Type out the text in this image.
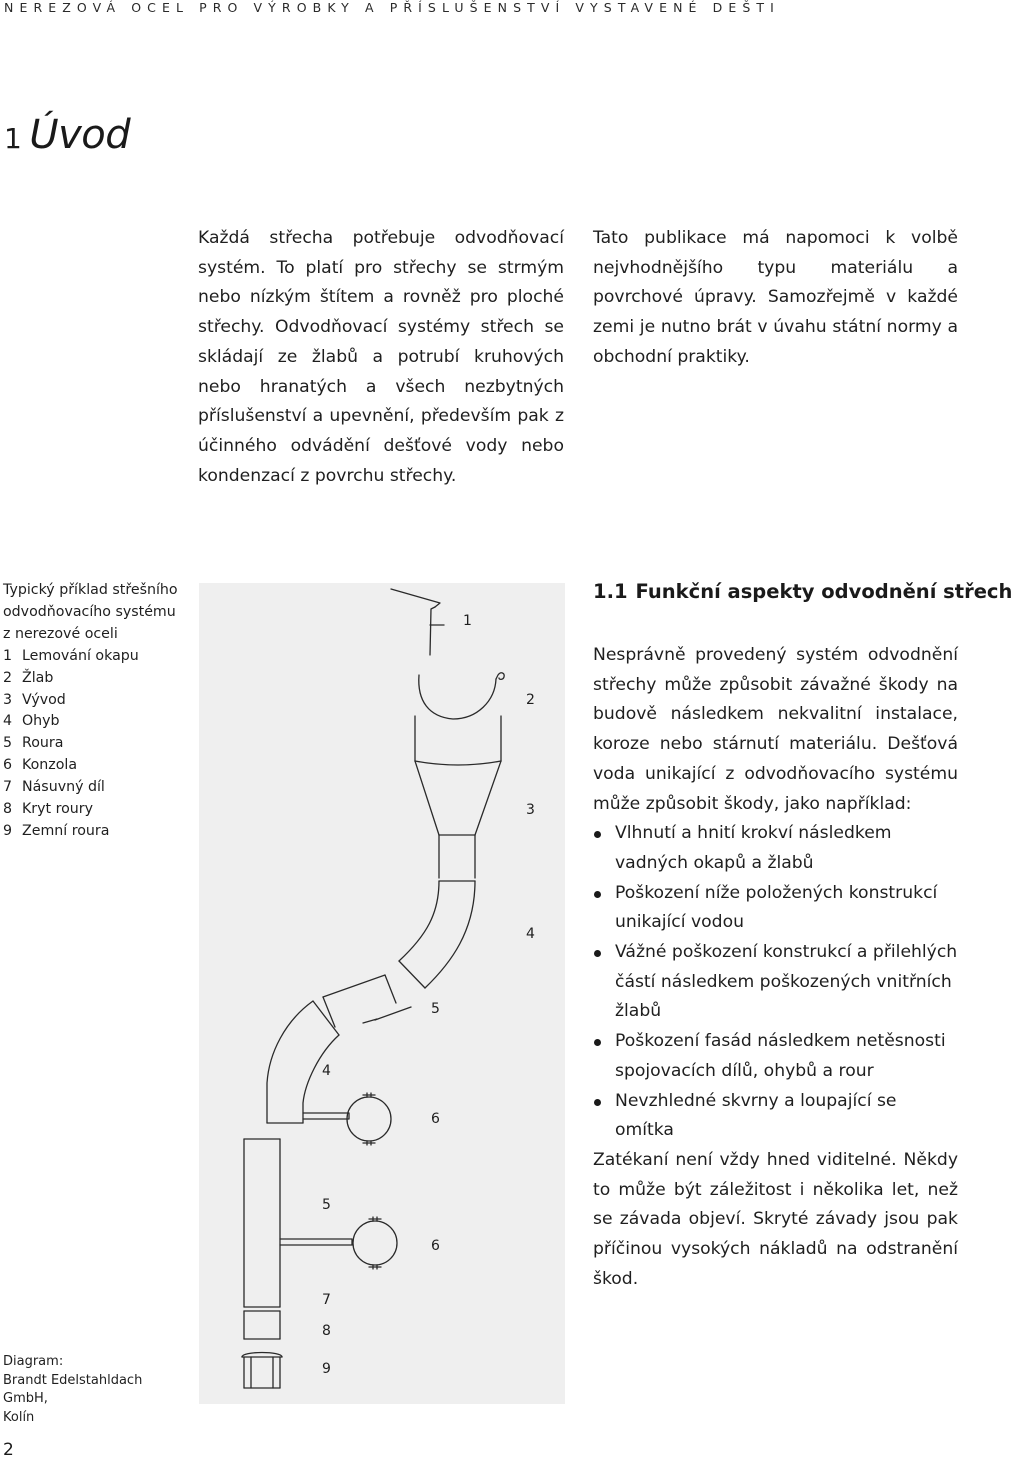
NEREZOVÁ OCEL PRO VÝROBKY A PŘÍSLUŠENSTVÍ VYSTAVENÉ DEŠTI
1 Úvod

Každá střecha potřebuje odvodňovací systém. To platí pro střechy se strmým nebo nízkým štítem a rovněž pro ploché střechy. Odvodňovací systémy střech se skládají ze žlabů a potrubí kruhových nebo hranatých a všech nezbytných příslušenství a upevnění, především pak z účinného odvádění dešťové vody nebo kondenzací z povrchu střechy.

Tato publikace má napomoci k volbě nejvhodnějšího typu materiálu a povrchové úpravy. Samozřejmě v každé zemi je nutno brát v úvahu státní normy a obchodní praktiky.

Typický příklad střešního
odvodňovacího systému
z nerezové oceli
1 Lemování okapu
2 Žlab
3 Vývod
4 Ohyb
5 Roura
6 Konzola
7 Násuvný díl
8 Kryt roury
9 Zemní roura
Diagram:
Brandt Edelstahldach GmbH,
Kolín
1
2
3
4
5
4
6
5
6
7
8
9
1.1 Funkční aspekty odvodnění střech

Nesprávně provedený systém odvodnění střechy může způsobit závažné škody na budově následkem nekvalitní instalace, koroze nebo stárnutí materiálu. Dešťová voda unikající z odvodňovacího systému může způsobit škody, jako například:

Vlhnutí a hnití krokví následkem vadných okapů a žlabů
Poškození níže položených konstrukcí unikající vodou
Vážné poškození konstrukcí a přilehlých částí následkem poškozených vnitřních žlabů
Poškození fasád následkem netěsnosti spojovacích dílů, ohybů a rour
Nevzhledné skvrny a loupající se omítka

Zatékaní není vždy hned viditelné. Někdy to může být záležitost i několika let, než se závada objeví. Skryté závady jsou pak příčinou vysokých nákladů na odstranění škod.

2
